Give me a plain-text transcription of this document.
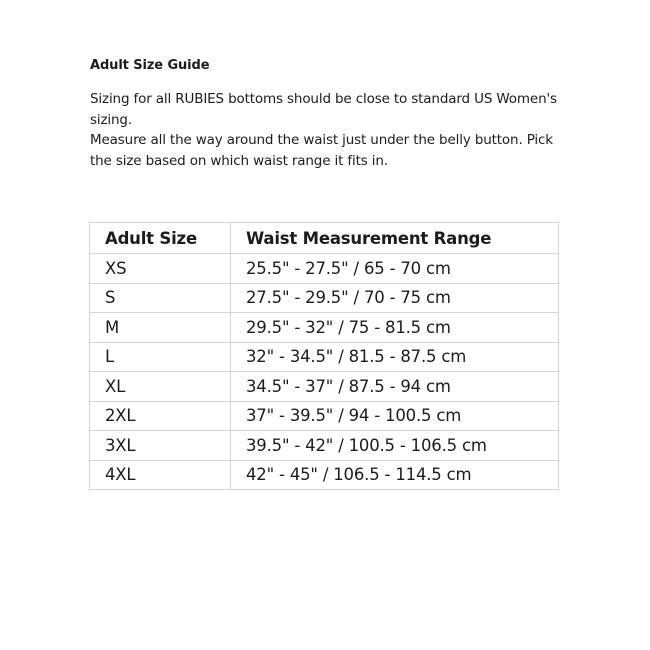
Adult Size Guide

Sizing for all RUBIES bottoms should be close to standard US Women's sizing.

Measure all the way around the waist just under the belly button. Pick the size based on which waist range it fits in.

Adult Size	Waist Measurement Range
XS	25.5" - 27.5" / 65 - 70 cm
S	27.5" - 29.5" / 70 - 75 cm
M	29.5" - 32" / 75 - 81.5 cm
L	32" - 34.5" / 81.5 - 87.5 cm
XL	34.5" - 37" / 87.5 - 94 cm
2XL	37" - 39.5" / 94 - 100.5 cm
3XL	39.5" - 42" / 100.5 - 106.5 cm
4XL	42" - 45" / 106.5 - 114.5 cm
